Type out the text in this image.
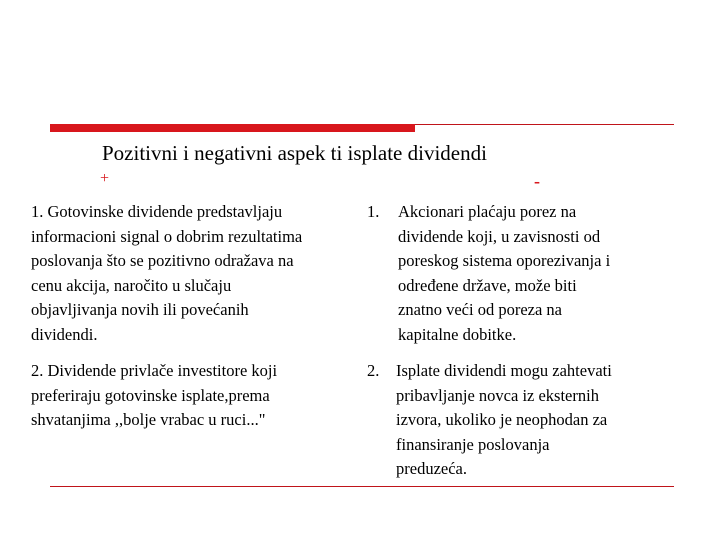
Pozitivni i negativni aspek ti isplate dividendi
+	-
1. Gotovinske dividende predstavljaju
informacioni signal o dobrim rezultatima
poslovanja što se pozitivno odražava na
cenu akcija, naročito u slučaju
objavljivanja novih ili povećanih
dividendi.
2. Dividende privlače investitore koji
preferiraju gotovinske isplate,prema
shvatanjima ,,bolje vrabac u ruci..."
1. Akcionari plaćaju porez na
dividende koji, u zavisnosti od
poreskog sistema oporezivanja i
određene države, može biti
znatno veći od poreza na
kapitalne dobitke.
2. Isplate dividendi mogu zahtevati
pribavljanje novca iz eksternih
izvora, ukoliko je neophodan za
finansiranje poslovanja
preduzeća.
